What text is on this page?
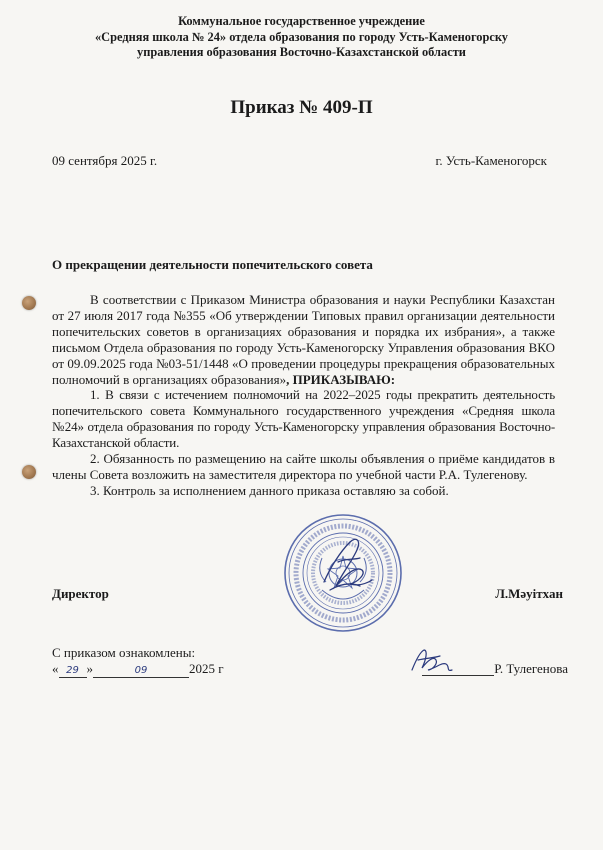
Коммунальное государственное учреждение
«Средняя школа № 24» отдела образования по городу Усть-Каменогорску
управления образования Восточно-Казахстанской области
Приказ № 409-П
09 сентября 2025 г.	г. Усть-Каменогорск
О прекращении деятельности попечительского совета

В соответствии с Приказом Министра образования и науки Республики Казахстан от 27 июля 2017 года №355 «Об утверждении Типовых правил организации деятельности попечительских советов в организациях образования и порядка их избрания», а также письмом Отдела образования по городу Усть-Каменогорску Управления образования ВКО от 09.09.2025 года №03-51/1448 «О проведении процедуры прекращения образовательных полномочий в организациях образования», ПРИКАЗЫВАЮ:

1. В связи с истечением полномочий на 2022–2025 годы прекратить деятельность попечительского совета Коммунального государственного учреждения «Средняя школа №24» отдела образования по городу Усть-Каменогорску управления образования Восточно-Казахстанской области.

2. Обязанность по размещению на сайте школы объявления о приёме кандидатов в члены Совета возложить на заместителя директора по учебной части Р.А. Тулегенову.

3. Контроль за исполнением данного приказа оставляю за собой.

Директор	Л.Мәуітхан
С приказом ознакомлены:
« 29 »	09	2025 г	Р. Тулегенова
